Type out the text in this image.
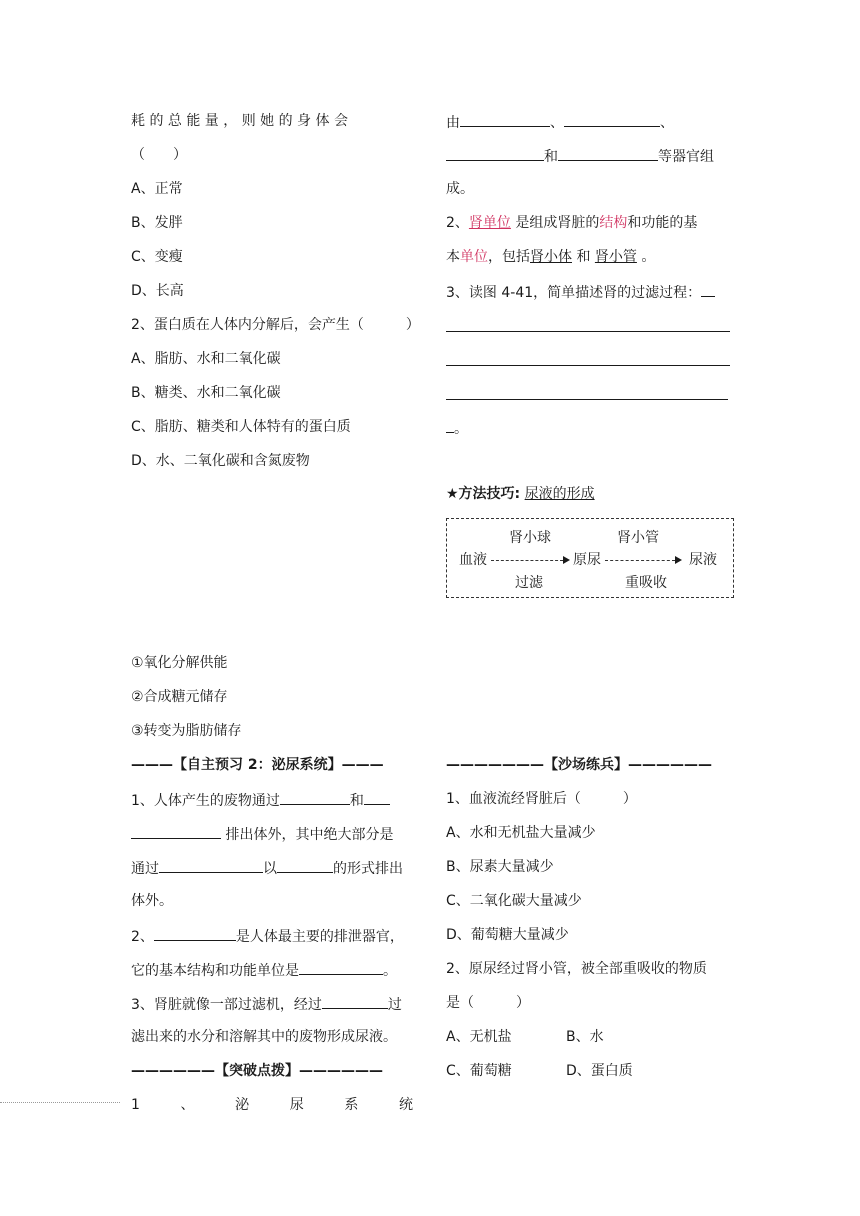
耗 的 总 能 量 ， 则 她 的 身 体 会
（　　）
A、正常
B、发胖
C、变瘦
D、长高
2、蛋白质在人体内分解后，会产生（　　　）
A、脂肪、水和二氧化碳
B、糖类、水和二氧化碳
C、脂肪、糖类和人体特有的蛋白质
D、水、二氧化碳和含氮废物
①氧化分解供能
②合成糖元储存
③转变为脂肪储存
———【自主预习 2：泌尿系统】———
1、人体产生的废物通过	和
排出体外，其中绝大部分是
通过	以	的形式排出
体外。
2、	是人体最主要的排泄器官，
它的基本结构和功能单位是	。
3、肾脏就像一部过滤机，经过	过
滤出来的水分和溶解其中的废物形成尿液。
——————【突破点拨】——————
1	、	泌	尿	系	统
由	、	、
和	等器官组
成。
2、肾单位 是组成肾脏的结构和功能的基
本单位，包括肾小体 和 肾小管 。
3、读图 4-41，简单描述肾的过滤过程：
。
★方法技巧: 尿液的形成
肾小球	肾小管
血液	原尿	尿液
过滤	重吸收
———————【沙场练兵】——————
1、血液流经肾脏后（　　　）
A、水和无机盐大量减少
B、尿素大量减少
C、二氧化碳大量减少
D、葡萄糖大量减少
2、原尿经过肾小管，被全部重吸收的物质
是（　　　）
A、无机盐	B、水
C、葡萄糖	D、蛋白质
